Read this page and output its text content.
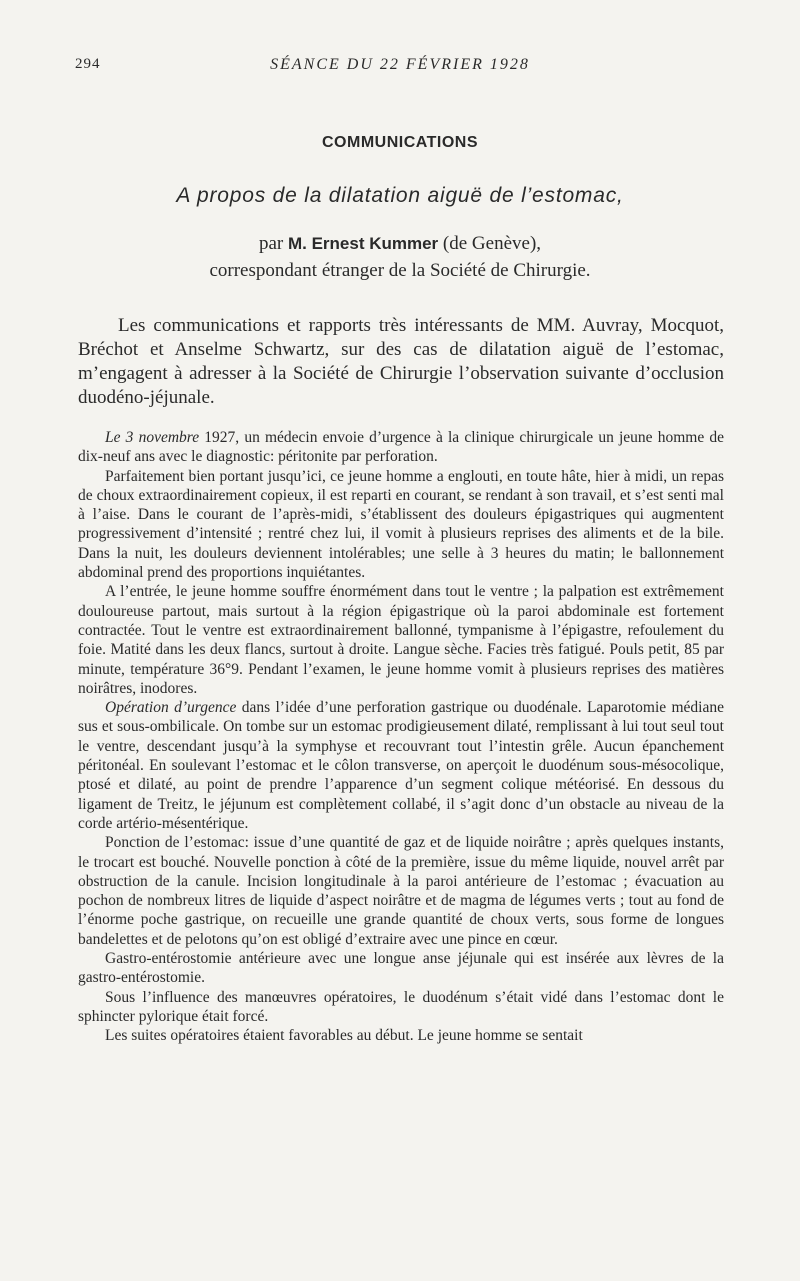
294	SÉANCE DU 22 FÉVRIER 1928
COMMUNICATIONS
A propos de la dilatation aiguë de l’estomac,
par M. Ernest Kummer (de Genève),
correspondant étranger de la Société de Chirurgie.

Les communications et rapports très intéressants de MM. Auvray, Mocquot, Bréchot et Anselme Schwartz, sur des cas de dilatation aiguë de l’estomac, m’engagent à adresser à la Société de Chirurgie l’observation suivante d’occlusion duodéno-jéjunale.

Le 3 novembre 1927, un médecin envoie d’urgence à la clinique chirurgicale un jeune homme de dix-neuf ans avec le diagnostic: péritonite par perforation.

Parfaitement bien portant jusqu’ici, ce jeune homme a englouti, en toute hâte, hier à midi, un repas de choux extraordinairement copieux, il est reparti en courant, se rendant à son travail, et s’est senti mal à l’aise. Dans le courant de l’après-midi, s’établissent des douleurs épigastriques qui augmentent progressivement d’intensité ; rentré chez lui, il vomit à plusieurs reprises des aliments et de la bile. Dans la nuit, les douleurs deviennent intolérables; une selle à 3 heures du matin; le ballonnement abdominal prend des proportions inquiétantes.

A l’entrée, le jeune homme souffre énormément dans tout le ventre ; la palpation est extrêmement douloureuse partout, mais surtout à la région épigastrique où la paroi abdominale est fortement contractée. Tout le ventre est extraordinairement ballonné, tympanisme à l’épigastre, refoulement du foie. Matité dans les deux flancs, surtout à droite. Langue sèche. Facies très fatigué. Pouls petit, 85 par minute, température 36°9. Pendant l’examen, le jeune homme vomit à plusieurs reprises des matières noirâtres, inodores.

Opération d’urgence dans l’idée d’une perforation gastrique ou duodénale. Laparotomie médiane sus et sous-ombilicale. On tombe sur un estomac prodigieusement dilaté, remplissant à lui tout seul tout le ventre, descendant jusqu’à la symphyse et recouvrant tout l’intestin grêle. Aucun épanchement péritonéal. En soulevant l’estomac et le côlon transverse, on aperçoit le duodénum sous-mésocolique, ptosé et dilaté, au point de prendre l’apparence d’un segment colique météorisé. En dessous du ligament de Treitz, le jéjunum est complètement collabé, il s’agit donc d’un obstacle au niveau de la corde artério-mésentérique.

Ponction de l’estomac: issue d’une quantité de gaz et de liquide noirâtre ; après quelques instants, le trocart est bouché. Nouvelle ponction à côté de la première, issue du même liquide, nouvel arrêt par obstruction de la canule. Incision longitudinale à la paroi antérieure de l’estomac ; évacuation au pochon de nombreux litres de liquide d’aspect noirâtre et de magma de légumes verts ; tout au fond de l’énorme poche gastrique, on recueille une grande quantité de choux verts, sous forme de longues bandelettes et de pelotons qu’on est obligé d’extraire avec une pince en cœur.

Gastro-entérostomie antérieure avec une longue anse jéjunale qui est insérée aux lèvres de la gastro-entérostomie.

Sous l’influence des manœuvres opératoires, le duodénum s’était vidé dans l’estomac dont le sphincter pylorique était forcé.

Les suites opératoires étaient favorables au début. Le jeune homme se sentait
